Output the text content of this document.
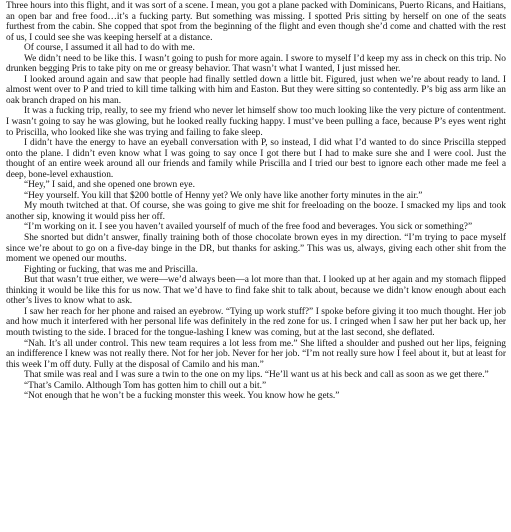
Three hours into this flight, and it was sort of a scene. I mean, you got a plane packed with Dominicans, Puerto Ricans, and Haitians, an open bar and free food…it’s a fucking party. But something was missing. I spotted Pris sitting by herself on one of the seats furthest from the cabin. She copped that spot from the beginning of the flight and even though she’d come and chatted with the rest of us, I could see she was keeping herself at a distance.

Of course, I assumed it all had to do with me.

We didn’t need to be like this. I wasn’t going to push for more again. I swore to myself I’d keep my ass in check on this trip. No drunken begging Pris to take pity on me or greasy behavior. That wasn’t what I wanted, I just missed her.

I looked around again and saw that people had finally settled down a little bit. Figured, just when we’re about ready to land. I almost went over to P and tried to kill time talking with him and Easton. But they were sitting so contentedly. P’s big ass arm like an oak branch draped on his man.

It was a fucking trip, really, to see my friend who never let himself show too much looking like the very picture of contentment. I wasn’t going to say he was glowing, but he looked really fucking happy. I must’ve been pulling a face, because P’s eyes went right to Priscilla, who looked like she was trying and failing to fake sleep.

I didn’t have the energy to have an eyeball conversation with P, so instead, I did what I’d wanted to do since Priscilla stepped onto the plane. I didn’t even know what I was going to say once I got there but I had to make sure she and I were cool. Just the thought of an entire week around all our friends and family while Priscilla and I tried our best to ignore each other made me feel a deep, bone-level exhaustion.

“Hey,” I said, and she opened one brown eye.

“Hey yourself. You kill that $200 bottle of Henny yet? We only have like another forty minutes in the air.”

My mouth twitched at that. Of course, she was going to give me shit for freeloading on the booze. I smacked my lips and took another sip, knowing it would piss her off.

“I’m working on it. I see you haven’t availed yourself of much of the free food and beverages. You sick or something?”

She snorted but didn’t answer, finally training both of those chocolate brown eyes in my direction. “I’m trying to pace myself since we’re about to go on a five-day binge in the DR, but thanks for asking.” This was us, always, giving each other shit from the moment we opened our mouths.

Fighting or fucking, that was me and Priscilla.

But that wasn’t true either, we were—we’d always been—a lot more than that. I looked up at her again and my stomach flipped thinking it would be like this for us now. That we’d have to find fake shit to talk about, because we didn’t know enough about each other’s lives to know what to ask.

I saw her reach for her phone and raised an eyebrow. “Tying up work stuff?” I spoke before giving it too much thought. Her job and how much it interfered with her personal life was definitely in the red zone for us. I cringed when I saw her put her back up, her mouth twisting to the side. I braced for the tongue-lashing I knew was coming, but at the last second, she deflated.

“Nah. It’s all under control. This new team requires a lot less from me.” She lifted a shoulder and pushed out her lips, feigning an indifference I knew was not really there. Not for her job. Never for her job. “I’m not really sure how I feel about it, but at least for this week I’m off duty. Fully at the disposal of Camilo and his man.”

That smile was real and I was sure a twin to the one on my lips. “He’ll want us at his beck and call as soon as we get there.”

“That’s Camilo. Although Tom has gotten him to chill out a bit.”

“Not enough that he won’t be a fucking monster this week. You know how he gets.”
